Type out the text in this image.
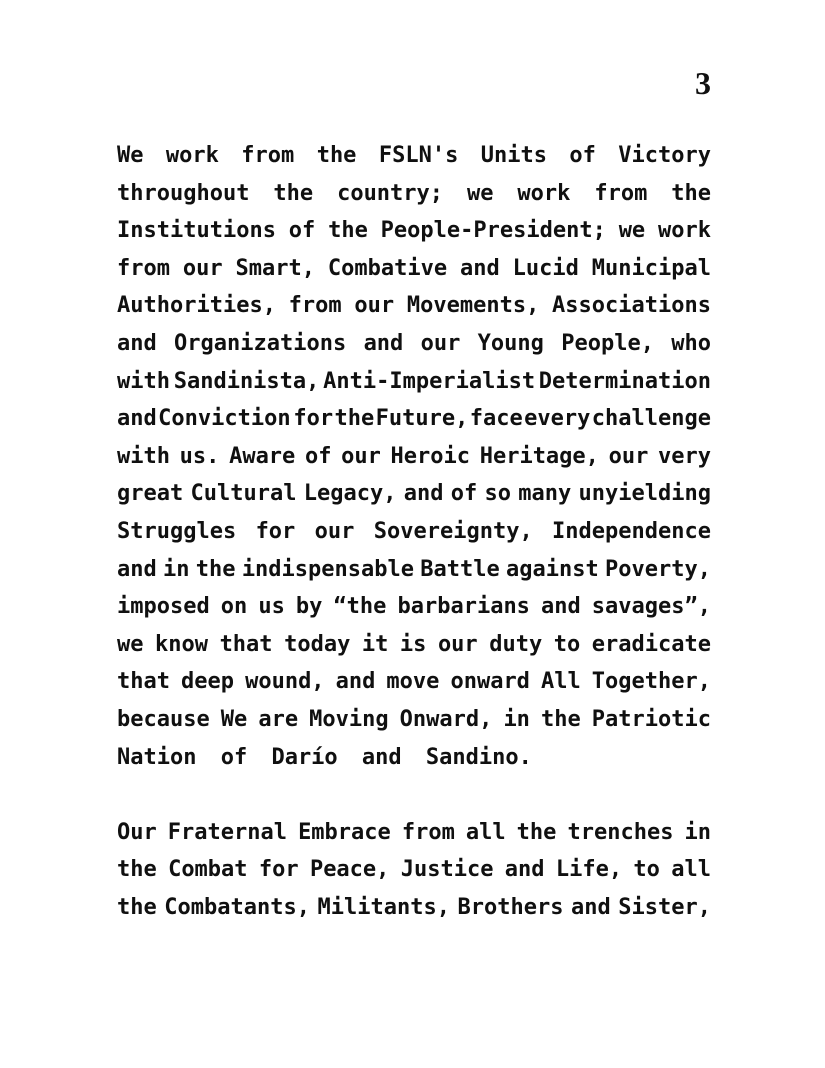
3
We work from the FSLN's Units of Victory
throughout the country; we work from the
Institutions of the People-President; we work
from our Smart, Combative and Lucid Municipal
Authorities, from our Movements, Associations
and Organizations and our Young People, who
with Sandinista, Anti-Imperialist Determination
and Conviction  for the Future, face every challenge
with us. Aware of our Heroic Heritage, our very
great Cultural Legacy, and of so many unyielding
Struggles for our Sovereignty, Independence
and in the indispensable Battle against Poverty,
imposed on us by “the barbarians and savages”,
we know that today it is our duty to eradicate
that deep wound, and move onward All Together,
because We are Moving Onward, in the Patriotic
Nation of Darío and Sandino.
Our Fraternal Embrace from all the trenches in
the Combat for Peace, Justice and Life, to all
the Combatants, Militants, Brothers and Sister,
